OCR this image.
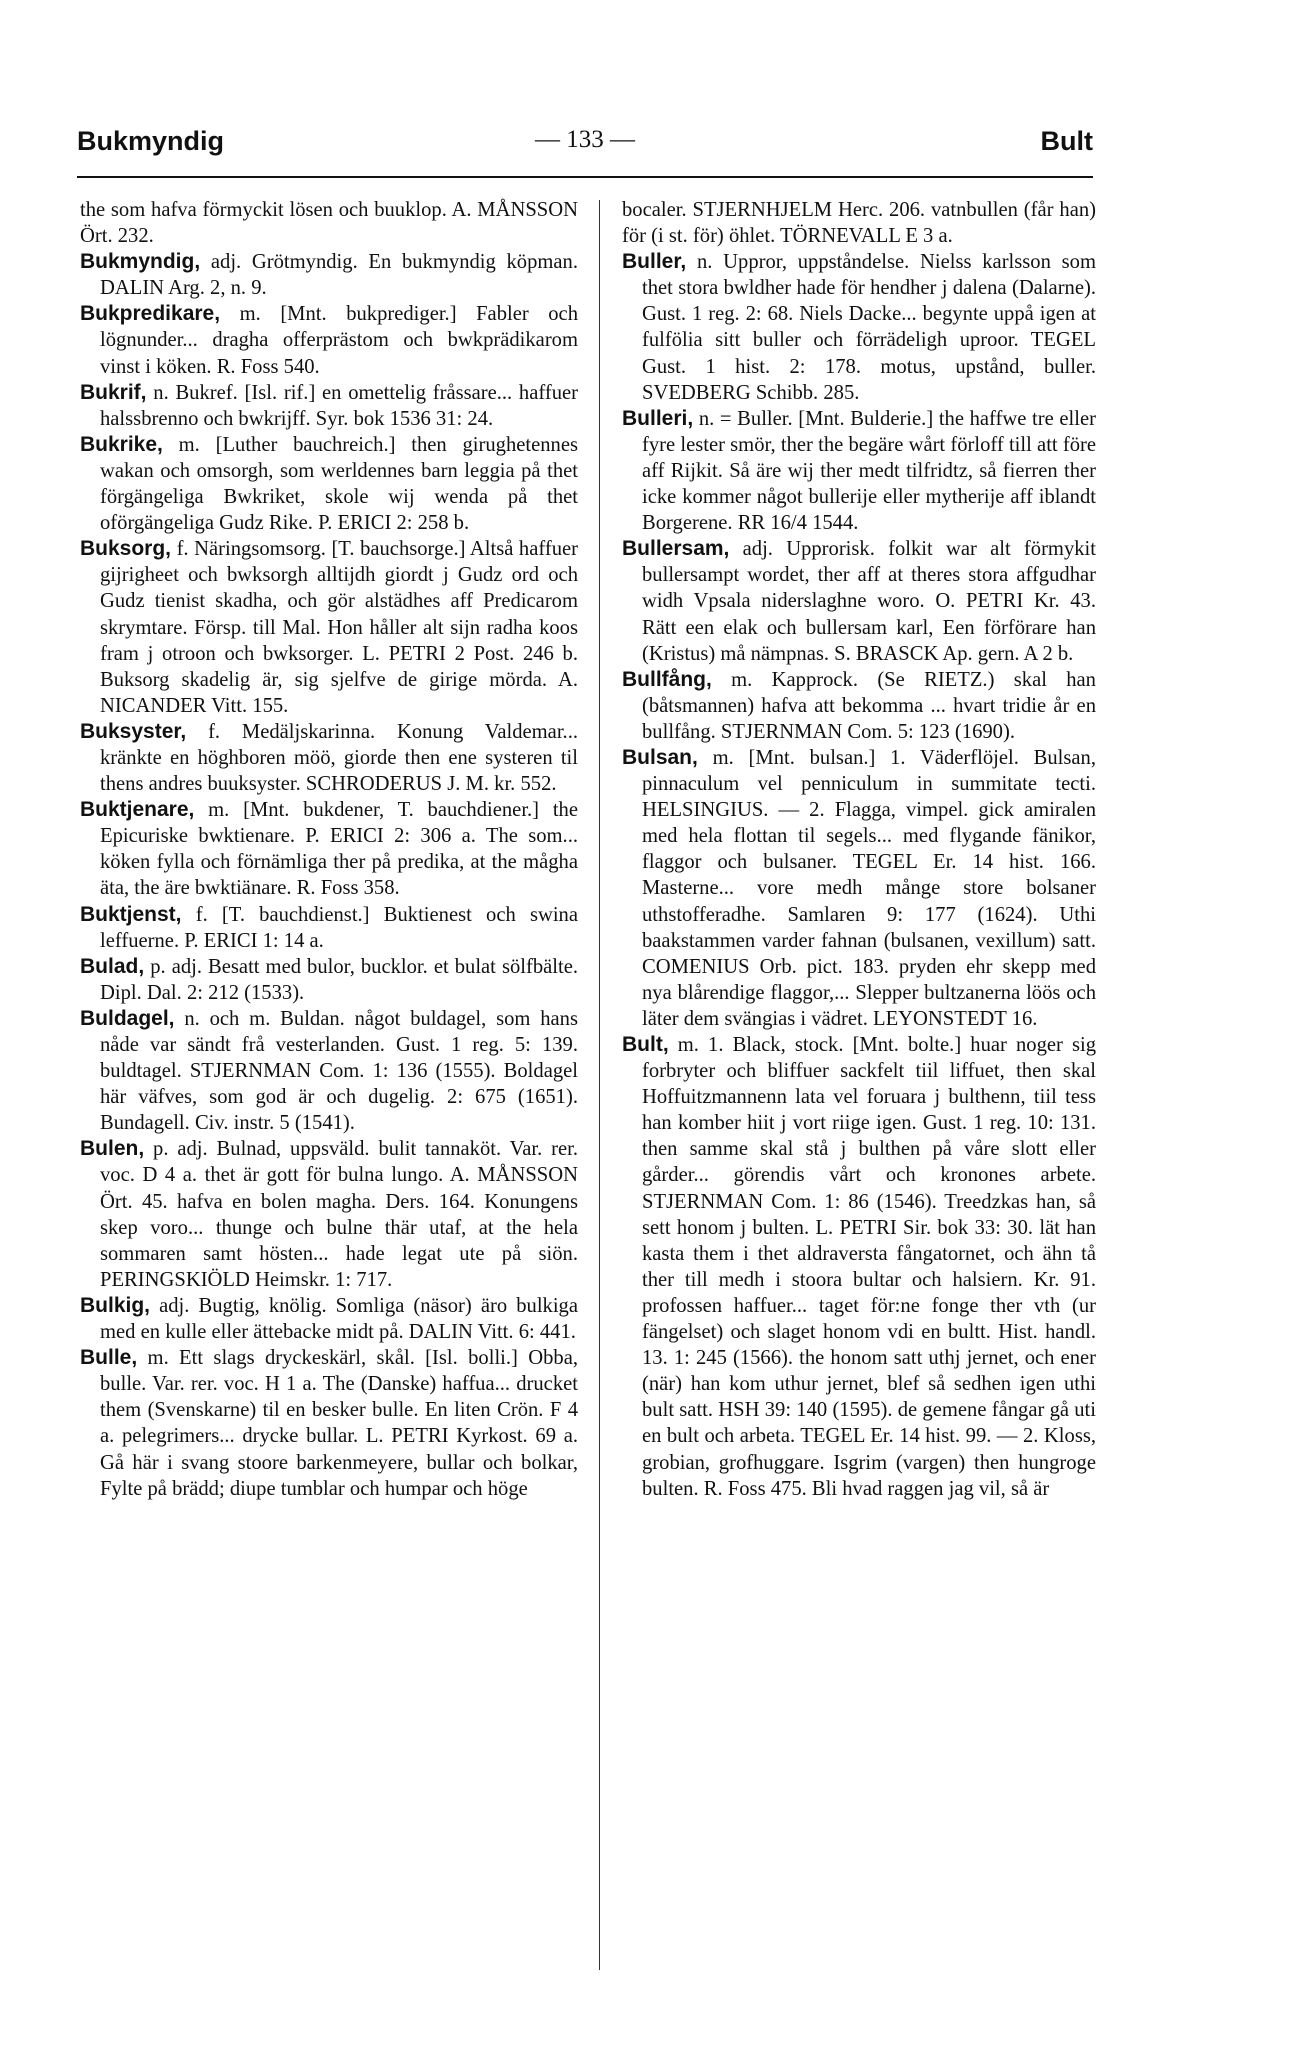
Bukmyndig	— 133 —	Bult

the som hafva förmyckit lösen och buuklop. A. MÅNSSON Ört. 232.

Bukmyndig, adj. Grötmyndig. En bukmyndig köpman. DALIN Arg. 2, n. 9.

Bukpredikare, m. [Mnt. bukprediger.] Fabler och lögnunder... dragha offerprästom och bwkprädikarom vinst i köken. R. Foss 540.

Bukrif, n. Bukref. [Isl. rif.] en omettelig fråssare... haffuer halssbrenno och bwkrijff. Syr. bok 1536 31: 24.

Bukrike, m. [Luther bauchreich.] then girughetennes wakan och omsorgh, som werldennes barn leggia på thet förgängeliga Bwkriket, skole wij wenda på thet oförgängeliga Gudz Rike. P. ERICI 2: 258 b.

Buksorg, f. Näringsomsorg. [T. bauchsorge.] Altså haffuer gijrigheet och bwksorgh alltijdh giordt j Gudz ord och Gudz tienist skadha, och gör alstädhes aff Predicarom skrymtare. Försp. till Mal. Hon håller alt sijn radha koos fram j otroon och bwksorger. L. PETRI 2 Post. 246 b. Buksorg skadelig är, sig sjelfve de girige mörda. A. NICANDER Vitt. 155.

Buksyster, f. Medäljskarinna. Konung Valdemar... kränkte en höghboren möö, giorde then ene systeren til thens andres buuksyster. SCHRODERUS J. M. kr. 552.

Buktjenare, m. [Mnt. bukdener, T. bauchdiener.] the Epicuriske bwktienare. P. ERICI 2: 306 a. The som... köken fylla och förnämliga ther på predika, at the mågha äta, the äre bwktiänare. R. Foss 358.

Buktjenst, f. [T. bauchdienst.] Buktienest och swina leffuerne. P. ERICI 1: 14 a.

Bulad, p. adj. Besatt med bulor, bucklor. et bulat sölfbälte. Dipl. Dal. 2: 212 (1533).

Buldagel, n. och m. Buldan. något buldagel, som hans nåde var sändt frå vesterlanden. Gust. 1 reg. 5: 139. buldtagel. STJERNMAN Com. 1: 136 (1555). Boldagel här väfves, som god är och dugelig. 2: 675 (1651). Bundagell. Civ. instr. 5 (1541).

Bulen, p. adj. Bulnad, uppsväld. bulit tannaköt. Var. rer. voc. D 4 a. thet är gott för bulna lungo. A. MÅNSSON Ört. 45. hafva en bolen magha. Ders. 164. Konungens skep voro... thunge och bulne thär utaf, at the hela sommaren samt hösten... hade legat ute på siön. PERINGSKIÖLD Heimskr. 1: 717.

Bulkig, adj. Bugtig, knölig. Somliga (näsor) äro bulkiga med en kulle eller ättebacke midt på. DALIN Vitt. 6: 441.

Bulle, m. Ett slags dryckeskärl, skål. [Isl. bolli.] Obba, bulle. Var. rer. voc. H 1 a. The (Danske) haffua... drucket them (Svenskarne) til en besker bulle. En liten Crön. F 4 a. pelegrimers... drycke bullar. L. PETRI Kyrkost. 69 a. Gå här i svang stoore barkenmeyere, bullar och bolkar, Fylte på brädd; diupe tumblar och humpar och höge

bocaler. STJERNHJELM Herc. 206. vatnbullen (får han) för (i st. för) öhlet. TÖRNEVALL E 3 a.

Buller, n. Uppror, uppståndelse. Nielss karlsson som thet stora bwldher hade för hendher j dalena (Dalarne). Gust. 1 reg. 2: 68. Niels Dacke... begynte uppå igen at fulfölia sitt buller och förrädeligh uproor. TEGEL Gust. 1 hist. 2: 178. motus, upstånd, buller. SVEDBERG Schibb. 285.

Bulleri, n. = Buller. [Mnt. Bulderie.] the haffwe tre eller fyre lester smör, ther the begäre wårt förloff till att före aff Rijkit. Så äre wij ther medt tilfridtz, så fierren ther icke kommer något bullerije eller mytherije aff iblandt Borgerene. RR 16/4 1544.

Bullersam, adj. Upprorisk. folkit war alt förmykit bullersampt wordet, ther aff at theres stora affgudhar widh Vpsala niderslaghne woro. O. PETRI Kr. 43. Rätt een elak och bullersam karl, Een förförare han (Kristus) må nämpnas. S. BRASCK Ap. gern. A 2 b.

Bullfång, m. Kapprock. (Se RIETZ.) skal han (båtsmannen) hafva att bekomma ... hvart tridie år en bullfång. STJERNMAN Com. 5: 123 (1690).

Bulsan, m. [Mnt. bulsan.] 1. Väderflöjel. Bulsan, pinnaculum vel penniculum in summitate tecti. HELSINGIUS. — 2. Flagga, vimpel. gick amiralen med hela flottan til segels... med flygande fänikor, flaggor och bulsaner. TEGEL Er. 14 hist. 166. Masterne... vore medh månge store bolsaner uthstofferadhe. Samlaren 9: 177 (1624). Uthi baakstammen varder fahnan (bulsanen, vexillum) satt. COMENIUS Orb. pict. 183. pryden ehr skepp med nya blårendige flaggor,... Slepper bultzanerna löös och läter dem svängias i vädret. LEYONSTEDT 16.

Bult, m. 1. Black, stock. [Mnt. bolte.] huar noger sig forbryter och bliffuer sackfelt tiil liffuet, then skal Hoffuitzmannenn lata vel foruara j bulthenn, tiil tess han komber hiit j vort riige igen. Gust. 1 reg. 10: 131. then samme skal stå j bulthen på våre slott eller gårder... görendis vårt och kronones arbete. STJERNMAN Com. 1: 86 (1546). Treedzkas han, så sett honom j bulten. L. PETRI Sir. bok 33: 30. lät han kasta them i thet aldraversta fångatornet, och ähn tå ther till medh i stoora bultar och halsiern. Kr. 91. profossen haffuer... taget för:ne fonge ther vth (ur fängelset) och slaget honom vdi en bultt. Hist. handl. 13. 1: 245 (1566). the honom satt uthj jernet, och ener (när) han kom uthur jernet, blef så sedhen igen uthi bult satt. HSH 39: 140 (1595). de gemene fångar gå uti en bult och arbeta. TEGEL Er. 14 hist. 99. — 2. Kloss, grobian, grofhuggare. Isgrim (vargen) then hungroge bulten. R. Foss 475. Bli hvad raggen jag vil, så är
